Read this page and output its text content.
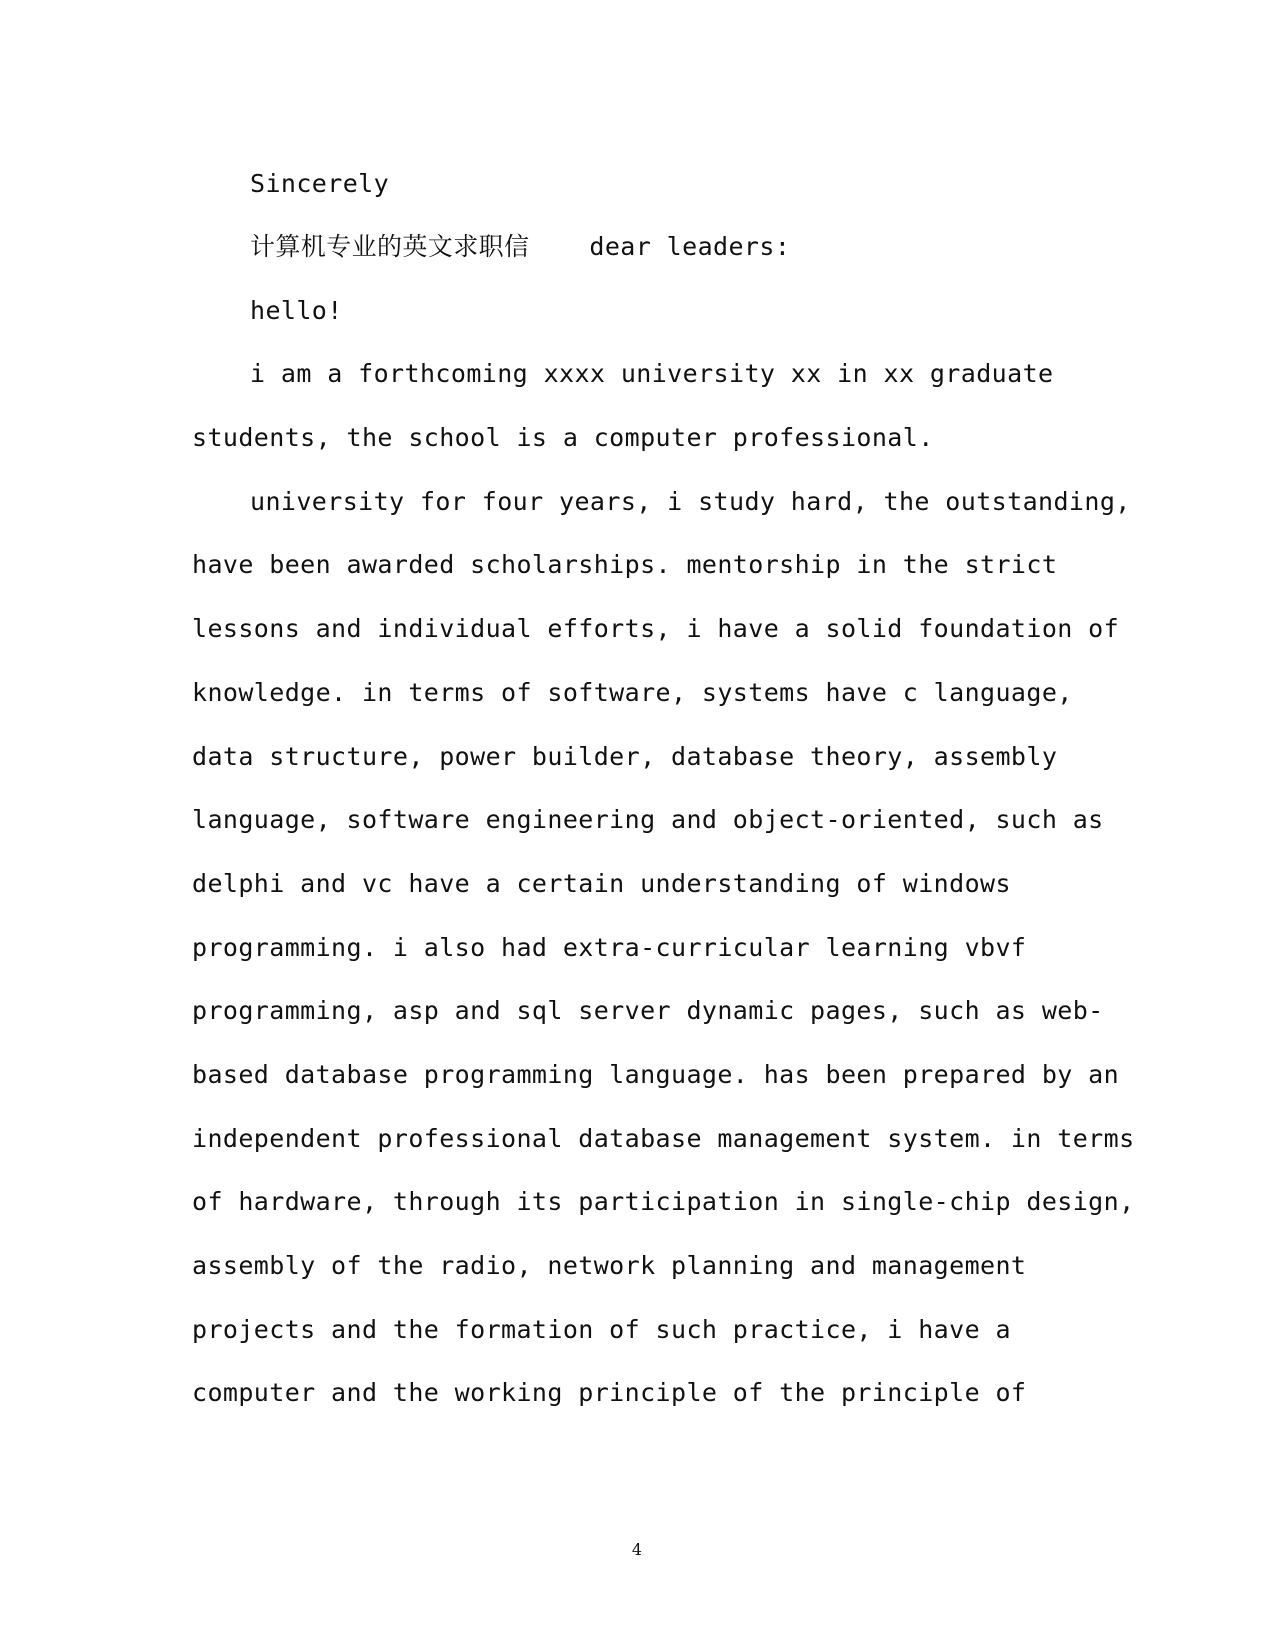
Sincerely
计算机专业的英文求职信 dear leaders:
hello!
i am a forthcoming xxxx university xx in xx graduate
students, the school is a computer professional.
university for four years, i study hard, the outstanding,
have been awarded scholarships. mentorship in the strict
lessons and individual efforts, i have a solid foundation of
knowledge. in terms of software, systems have c language,
data structure, power builder, database theory, assembly
language, software engineering and object-oriented, such as
delphi and vc have a certain understanding of windows
programming. i also had extra-curricular learning vbvf
programming, asp and sql server dynamic pages, such as web-
based database programming language. has been prepared by an
independent professional database management system. in terms
of hardware, through its participation in single-chip design,
assembly of the radio, network planning and management
projects and the formation of such practice, i have a
computer and the working principle of the principle of
4
